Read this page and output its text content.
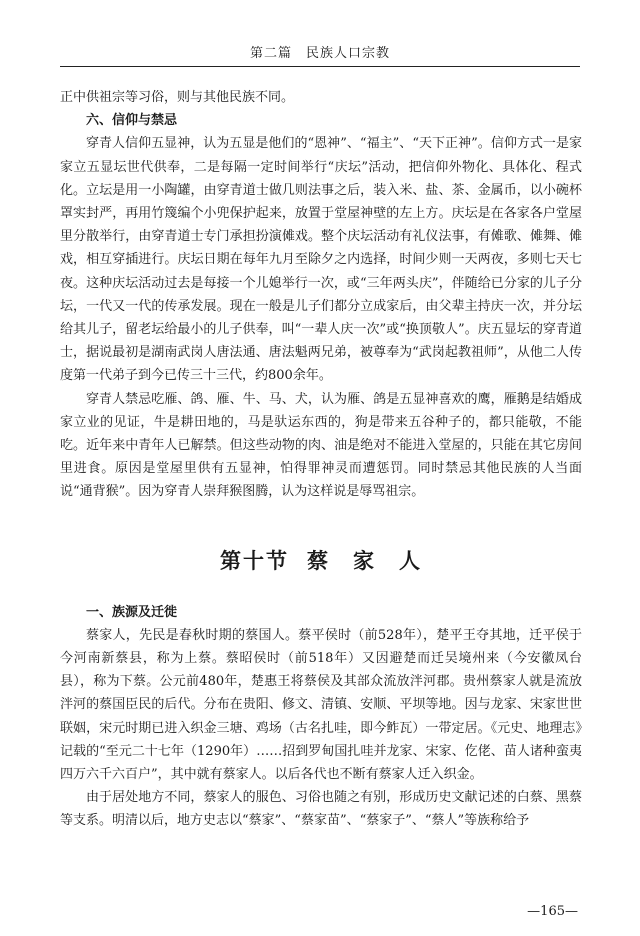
第二篇　民族人口宗教

正中供祖宗等习俗，则与其他民族不同。

六、信仰与禁忌

穿青人信仰五显神，认为五显是他们的“恩神”、“福主”、“天下正神”。信仰方式一是家家立五显坛世代供奉，二是每隔一定时间举行“庆坛”活动，把信仰外物化、具体化、程式化。立坛是用一小陶罐，由穿青道士做几则法事之后，装入米、盐、茶、金属币，以小碗杯罩实封严，再用竹篾编个小兜保护起来，放置于堂屋神壁的左上方。庆坛是在各家各户堂屋里分散举行，由穿青道士专门承担扮演傩戏。整个庆坛活动有礼仪法事，有傩歌、傩舞、傩戏，相互穿插进行。庆坛日期在每年九月至除夕之内选择，时间少则一天两夜，多则七天七夜。这种庆坛活动过去是每接一个儿媳举行一次，或“三年两头庆”，伴随给已分家的儿子分坛，一代又一代的传承发展。现在一般是儿子们都分立成家后，由父辈主持庆一次，并分坛给其儿子，留老坛给最小的儿子供奉，叫“一辈人庆一次”或“换顶敬人”。庆五显坛的穿青道士，据说最初是湖南武岗人唐法通、唐法魁两兄弟，被尊奉为“武岗起教祖师”，从他二人传度第一代弟子到今已传三十三代，约800余年。

穿青人禁忌吃雁、鸽、雁、牛、马、犬，认为雁、鸽是五显神喜欢的鹰，雁鹅是结婚成家立业的见证，牛是耕田地的，马是驮运东西的，狗是带来五谷种子的，都只能敬，不能吃。近年来中青年人已解禁。但这些动物的肉、油是绝对不能进入堂屋的，只能在其它房间里进食。原因是堂屋里供有五显神，怕得罪神灵而遭惩罚。同时禁忌其他民族的人当面说“通背猴”。因为穿青人崇拜猴图腾，认为这样说是辱骂祖宗。

第十节 蔡　家　人

一、族源及迁徙

蔡家人，先民是春秋时期的蔡国人。蔡平侯时（前528年），楚平王夺其地，迁平侯于今河南新蔡县，称为上蔡。蔡昭侯时（前518年）又因避楚而迁吴境州来（今安徽凤台县），称为下蔡。公元前480年，楚惠王将蔡侯及其部众流放泮河郡。贵州蔡家人就是流放泮河的蔡国臣民的后代。分布在贵阳、修文、清镇、安顺、平坝等地。因与龙家、宋家世世联姻，宋元时期已进入织金三塘、鸡场（古名扎哇，即今鲊瓦）一带定居。《元史、地理志》记载的“至元二十七年（1290年）……招到罗甸国扎哇并龙家、宋家、仡佬、苗人诸种蛮夷四万六千六百户”，其中就有蔡家人。以后各代也不断有蔡家人迁入织金。

由于居处地方不同，蔡家人的服色、习俗也随之有别，形成历史文献记述的白蔡、黑蔡等支系。明清以后，地方史志以“蔡家”、“蔡家苗”、“蔡家子”、“蔡人”等族称给予

—165—
